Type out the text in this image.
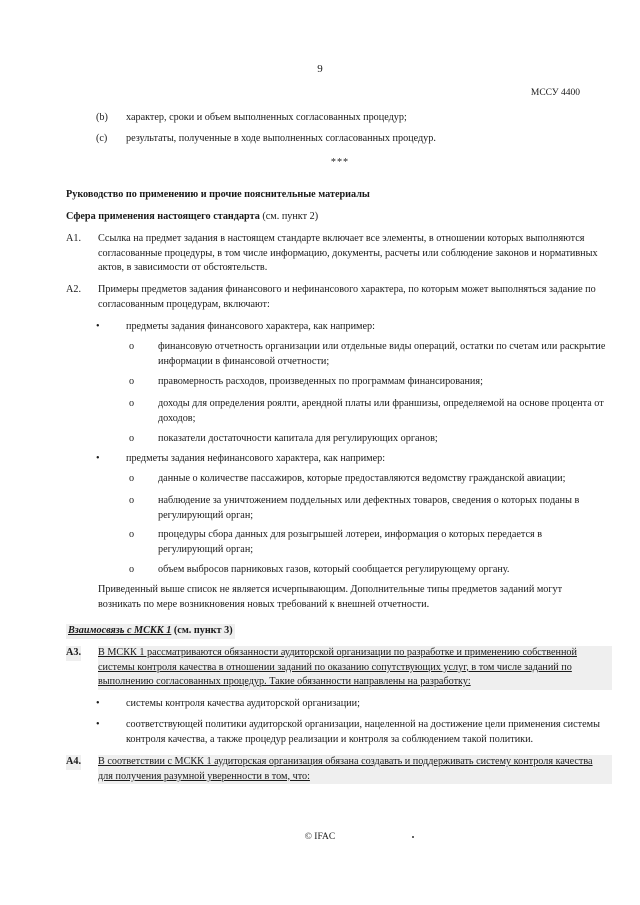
9
МССУ 4400
(b) характер, сроки и объем выполненных согласованных процедур;
(c) результаты, полученные в ходе выполненных согласованных процедур.
***
Руководство по применению и прочие пояснительные материалы
Сфера применения настоящего стандарта (см. пункт 2)
A1. Ссылка на предмет задания в настоящем стандарте включает все элементы, в отношении которых выполняются
согласованные процедуры, в том числе информацию, документы, расчеты или соблюдение законов и нормативных
актов, в зависимости от обстоятельств.
A2. Примеры предметов задания финансового и нефинансового характера, по которым может выполняться задание по
согласованным процедурам, включают:
•	предметы задания финансового характера, как например:
o финансовую отчетность организации или отдельные виды операций, остатки по счетам или раскрытие
информации в финансовой отчетности;
o правомерность расходов, произведенных по программам финансирования;
o доходы для определения роялти, арендной платы или франшизы, определяемой на основе процента от
доходов;
o показатели достаточности капитала для регулирующих органов;
•	предметы задания нефинансового характера, как например:
o данные о количестве пассажиров, которые предоставляются ведомству гражданской авиации;
o наблюдение за уничтожением поддельных или дефектных товаров, сведения о которых поданы в
регулирующий орган;
o процедуры сбора данных для розыгрышей лотереи, информация о которых передается в
регулирующий орган;
o объем выбросов парниковых газов, который сообщается регулирующему органу.
Приведенный выше список не является исчерпывающим. Дополнительные типы предметов заданий могут
возникать по мере возникновения новых требований к внешней отчетности.
Взаимосвязь с МСКК 1 (см. пункт 3)
A3. В МСКК 1 рассматриваются обязанности аудиторской организации по разработке и применению собственной
системы контроля качества в отношении заданий по оказанию сопутствующих услуг, в том числе заданий по
выполнению согласованных процедур. Такие обязанности направлены на разработку:
•	системы контроля качества аудиторской организации;
•	соответствующей политики аудиторской организации, нацеленной на достижение цели применения системы
контроля качества, а также процедур реализации и контроля за соблюдением такой политики.
A4. В соответствии с МСКК 1 аудиторская организация обязана создавать и поддерживать систему контроля качества
для получения разумной уверенности в том, что:
© IFAC
